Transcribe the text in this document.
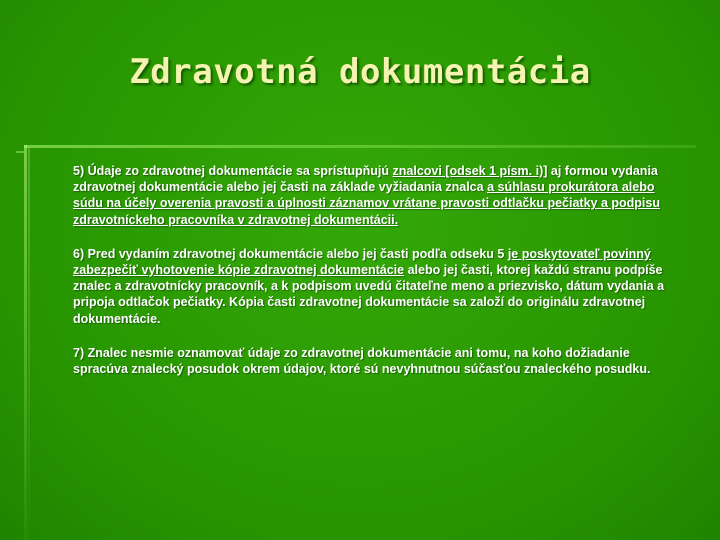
Zdravotná dokumentácia

5) Údaje zo zdravotnej dokumentácie sa sprístupňujú znalcovi [odsek 1 písm. i)] aj formou vydania zdravotnej dokumentácie alebo jej časti na základe vyžiadania znalca a súhlasu prokurátora alebo súdu na účely overenia pravosti a úplnosti záznamov vrátane pravosti odtlačku pečiatky a podpisu zdravotníckeho pracovníka v zdravotnej dokumentácii.

6) Pred vydaním zdravotnej dokumentácie alebo jej časti podľa odseku 5 je poskytovateľ povinný zabezpečiť vyhotovenie kópie zdravotnej dokumentácie alebo jej časti, ktorej každú stranu podpíše znalec a zdravotnícky pracovník, a k podpisom uvedú čitateľne meno a priezvisko, dátum vydania a pripoja odtlačok pečiatky. Kópia časti zdravotnej dokumentácie sa založí do originálu zdravotnej dokumentácie.

7) Znalec nesmie oznamovať údaje zo zdravotnej dokumentácie ani tomu, na koho dožiadanie spracúva znalecký posudok okrem údajov, ktoré sú nevyhnutnou súčasťou znaleckého posudku.
